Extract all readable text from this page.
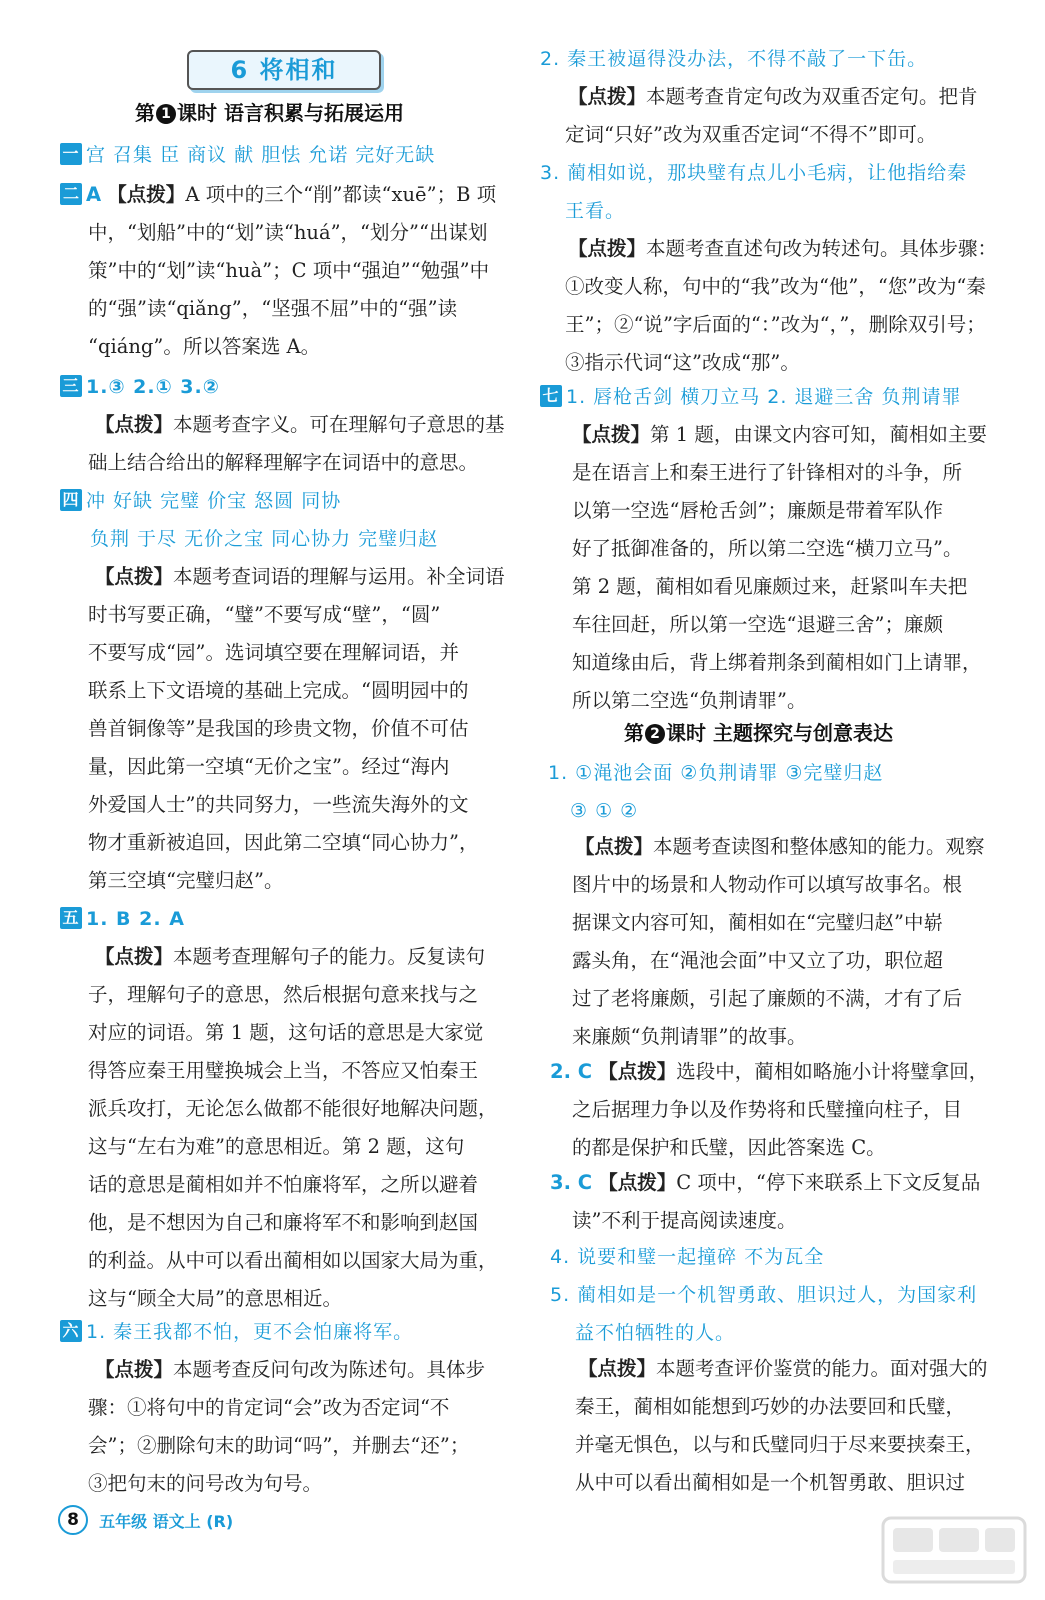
6 将相和
第 1 课时 语言积累与拓展运用
一 宫 召集 臣 商议 献 胆怯 允诺 完好无缺
二 A 【点拨】A 项中的三个“削”都读“xuē”；B 项
中，“划船”中的“划”读“huá”，“划分”“出谋划
策”中的“划”读“huà”；C 项中“强迫”“勉强”中
的“强”读“qiǎng”，“坚强不屈”中的“强”读
“qiáng”。所以答案选 A。
三 1.③ 2.① 3.②
【点拨】本题考查字义。可在理解句子意思的基
础上结合给出的解释理解字在词语中的意思。
四 冲 好缺 完璧 价宝 怒圆 同协
负荆 于尽 无价之宝 同心协力 完璧归赵
【点拨】本题考查词语的理解与运用。补全词语
时书写要正确，“璧”不要写成“壁”，“圆”
不要写成“园”。选词填空要在理解词语，并
联系上下文语境的基础上完成。“圆明园中的
兽首铜像等”是我国的珍贵文物，价值不可估
量，因此第一空填“无价之宝”。经过“海内
外爱国人士”的共同努力，一些流失海外的文
物才重新被追回，因此第二空填“同心协力”，
第三空填“完璧归赵”。
五 1. B 2. A
【点拨】本题考查理解句子的能力。反复读句
子，理解句子的意思，然后根据句意来找与之
对应的词语。第 1 题，这句话的意思是大家觉
得答应秦王用璧换城会上当，不答应又怕秦王
派兵攻打，无论怎么做都不能很好地解决问题，
这与“左右为难”的意思相近。第 2 题，这句
话的意思是蔺相如并不怕廉将军，之所以避着
他，是不想因为自己和廉将军不和影响到赵国
的利益。从中可以看出蔺相如以国家大局为重，
这与“顾全大局”的意思相近。
六 1. 秦王我都不怕，更不会怕廉将军。
【点拨】本题考查反问句改为陈述句。具体步
骤：①将句中的肯定词“会”改为否定词“不
会”；②删除句末的助词“吗”，并删去“还”；
③把句末的问号改为句号。
2. 秦王被逼得没办法，不得不敲了一下缶。
【点拨】本题考查肯定句改为双重否定句。把肯
定词“只好”改为双重否定词“不得不”即可。
3. 蔺相如说，那块璧有点儿小毛病，让他指给秦
王看。
【点拨】本题考查直述句改为转述句。具体步骤：
①改变人称，句中的“我”改为“他”，“您”改为“秦
王”；②“说”字后面的“：”改为“，”，删除双引号；
③指示代词“这”改成“那”。
七 1. 唇枪舌剑 横刀立马 2. 退避三舍 负荆请罪
【点拨】第 1 题，由课文内容可知，蔺相如主要
是在语言上和秦王进行了针锋相对的斗争，所
以第一空选“唇枪舌剑”；廉颇是带着军队作
好了抵御准备的，所以第二空选“横刀立马”。
第 2 题，蔺相如看见廉颇过来，赶紧叫车夫把
车往回赶，所以第一空选“退避三舍”；廉颇
知道缘由后，背上绑着荆条到蔺相如门上请罪，
所以第二空选“负荆请罪”。
第 2 课时 主题探究与创意表达
1. ①渑池会面 ②负荆请罪 ③完璧归赵
③ ① ②
【点拨】本题考查读图和整体感知的能力。观察
图片中的场景和人物动作可以填写故事名。根
据课文内容可知，蔺相如在“完璧归赵”中崭
露头角，在“渑池会面”中又立了功，职位超
过了老将廉颇，引起了廉颇的不满，才有了后
来廉颇“负荆请罪”的故事。
2. C 【点拨】选段中，蔺相如略施小计将璧拿回，
之后据理力争以及作势将和氏璧撞向柱子，目
的都是保护和氏璧，因此答案选 C。
3. C 【点拨】C 项中，“停下来联系上下文反复品
读”不利于提高阅读速度。
4. 说要和璧一起撞碎 不为瓦全
5. 蔺相如是一个机智勇敢、胆识过人，为国家利
益不怕牺牲的人。
【点拨】本题考查评价鉴赏的能力。面对强大的
秦王，蔺相如能想到巧妙的办法要回和氏璧，
并毫无惧色，以与和氏璧同归于尽来要挟秦王，
从中可以看出蔺相如是一个机智勇敢、胆识过
8 五年级 语文上 (R)
